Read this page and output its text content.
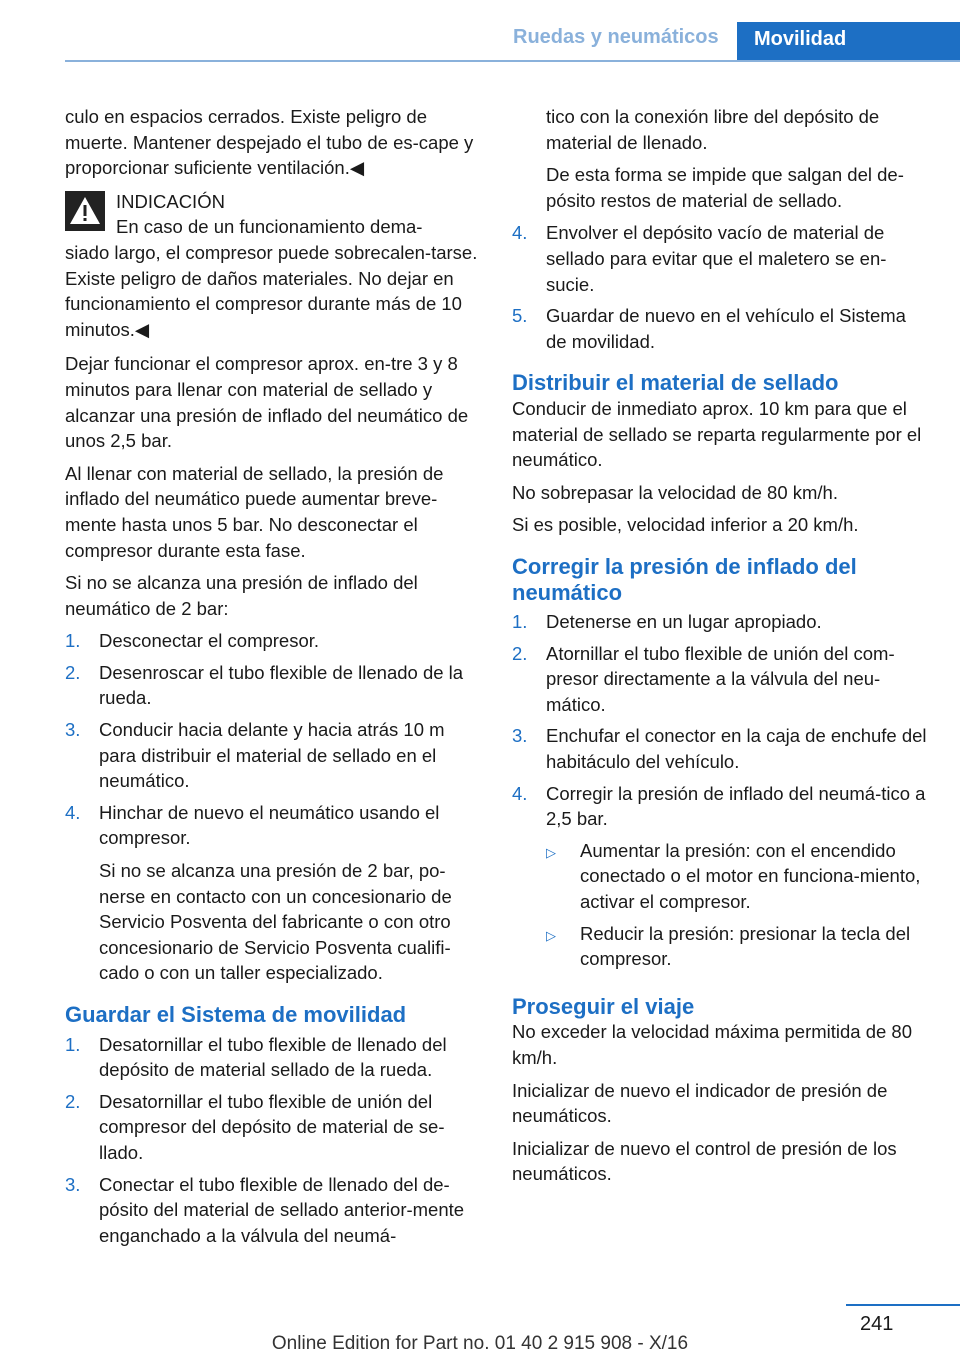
Ruedas y neumáticos	Movilidad

culo en espacios cerrados. Existe peligro de muerte. Mantener despejado el tubo de es‐cape y proporcionar suficiente ventilación.◀

INDICACIÓN
En caso de un funcionamiento dema‐
siado largo, el compresor puede sobrecalen‐tarse. Existe peligro de daños materiales. No dejar en funcionamiento el compresor durante más de 10 minutos.◀

Dejar funcionar el compresor aprox. en‐tre 3 y 8 minutos para llenar con material de sellado y alcanzar una presión de inflado del neumático de unos 2,5 bar.

Al llenar con material de sellado, la presión de inflado del neumático puede aumentar breve‐mente hasta unos 5 bar. No desconectar el compresor durante esta fase.

Si no se alcanza una presión de inflado del neumático de 2 bar:

1.	Desconectar el compresor.
2.	Desenroscar el tubo flexible de llenado de la rueda.
3.	Conducir hacia delante y hacia atrás 10 m para distribuir el material de sellado en el neumático.
4.	Hinchar de nuevo el neumático usando el compresor.
Si no se alcanza una presión de 2 bar, po‐nerse en contacto con un concesionario de Servicio Posventa del fabricante o con otro concesionario de Servicio Posventa cualifi‐cado o con un taller especializado.
Guardar el Sistema de movilidad
1.	Desatornillar el tubo flexible de llenado del depósito de material sellado de la rueda.
2.	Desatornillar el tubo flexible de unión del compresor del depósito de material de se‐llado.
3.	Conectar el tubo flexible de llenado del de‐pósito del material de sellado anterior‐mente enganchado a la válvula del neumá‐

tico con la conexión libre del depósito de material de llenado.

De esta forma se impide que salgan del de‐pósito restos de material de sellado.

4.	Envolver el depósito vacío de material de sellado para evitar que el maletero se en‐sucie.
5.	Guardar de nuevo en el vehículo el Sistema de movilidad.
Distribuir el material de sellado

Conducir de inmediato aprox. 10 km para que el material de sellado se reparta regularmente por el neumático.

No sobrepasar la velocidad de 80 km/h.

Si es posible, velocidad inferior a 20 km/h.

Corregir la presión de inflado del neumático
1.	Detenerse en un lugar apropiado.
2.	Atornillar el tubo flexible de unión del com‐presor directamente a la válvula del neu‐mático.
3.	Enchufar el conector en la caja de enchufe del habitáculo del vehículo.
4.	Corregir la presión de inflado del neumá‐tico a 2,5 bar.
▷	Aumentar la presión: con el encendido conectado o el motor en funciona‐miento, activar el compresor.
▷	Reducir la presión: presionar la tecla del compresor.
Proseguir el viaje

No exceder la velocidad máxima permitida de 80 km/h.

Inicializar de nuevo el indicador de presión de neumáticos.

Inicializar de nuevo el control de presión de los neumáticos.

241
Online Edition for Part no. 01 40 2 915 908 - X/16
